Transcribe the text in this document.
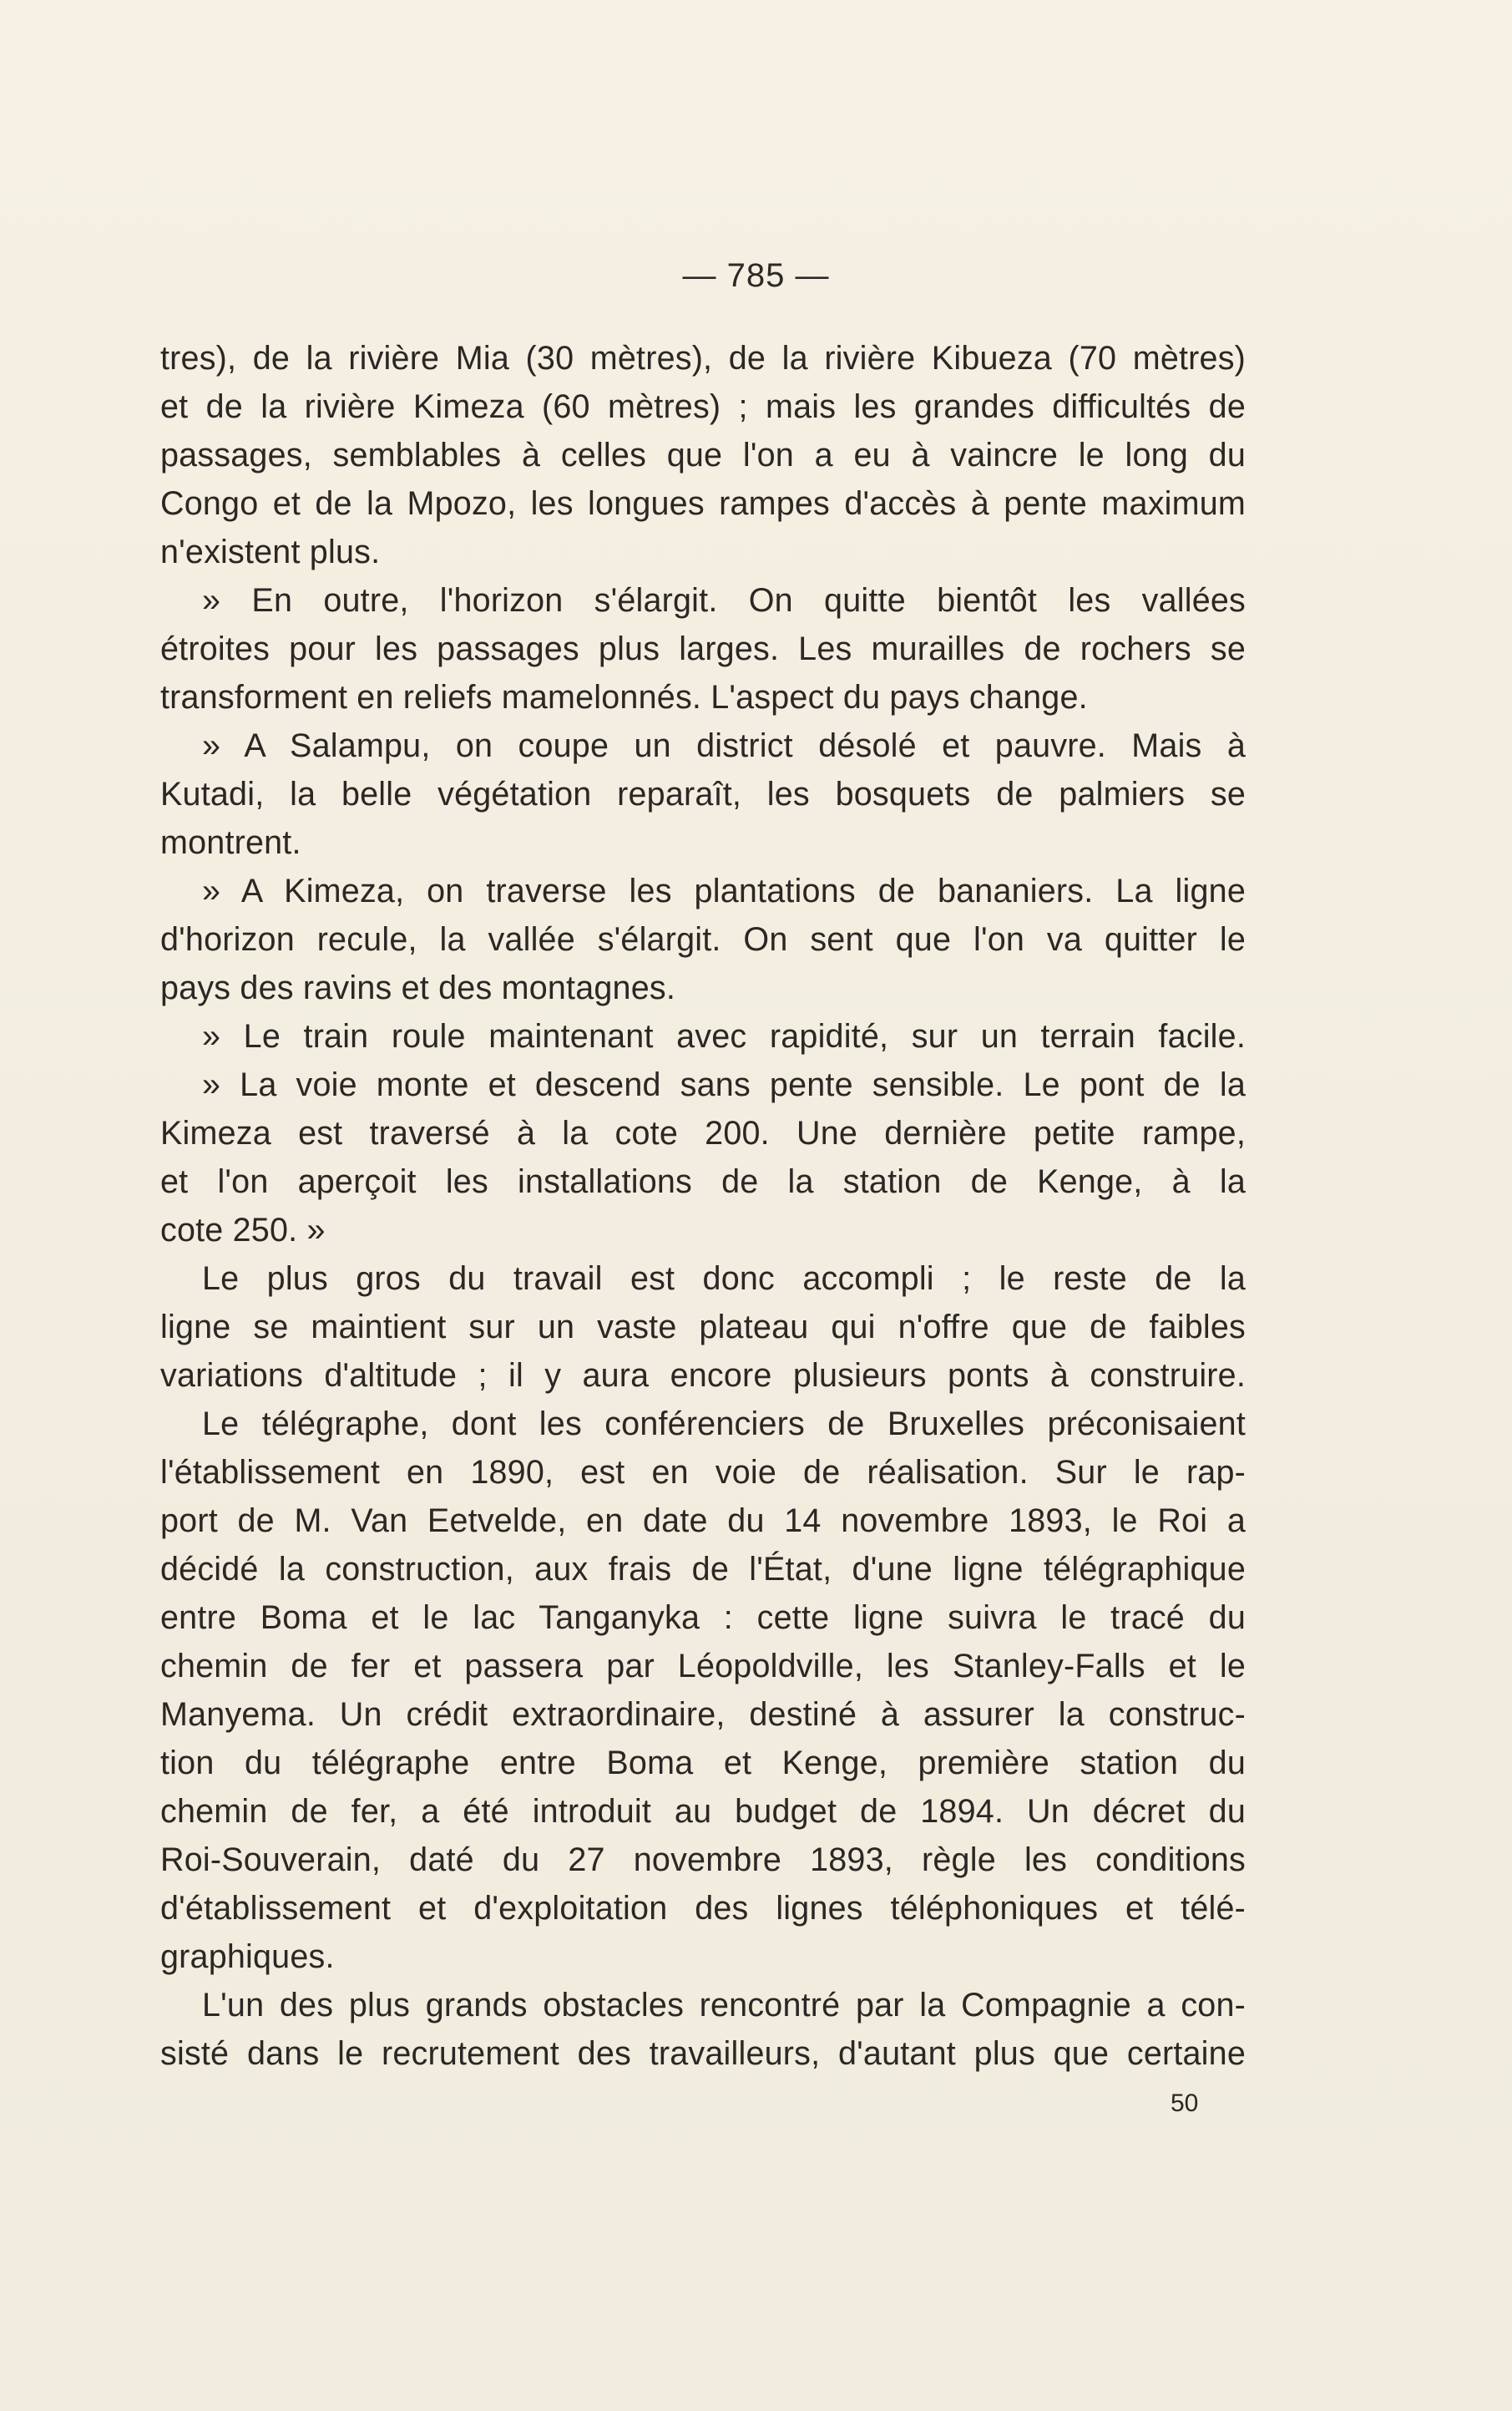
— 785 —
tres), de la rivière Mia (30 mètres), de la rivière Kibueza (70 mètres)
et de la rivière Kimeza (60 mètres) ; mais les grandes difficultés de
passages, semblables à celles que l'on a eu à vaincre le long du
Congo et de la Mpozo, les longues rampes d'accès à pente maximum
n'existent plus.
» En outre, l'horizon s'élargit. On quitte bientôt les vallées
étroites pour les passages plus larges. Les murailles de rochers se
transforment en reliefs mamelonnés. L'aspect du pays change.
» A Salampu, on coupe un district désolé et pauvre. Mais à
Kutadi, la belle végétation reparaît, les bosquets de palmiers se
montrent.
» A Kimeza, on traverse les plantations de bananiers. La ligne
d'horizon recule, la vallée s'élargit. On sent que l'on va quitter le
pays des ravins et des montagnes.
» Le train roule maintenant avec rapidité, sur un terrain facile.
» La voie monte et descend sans pente sensible. Le pont de la
Kimeza est traversé à la cote 200. Une dernière petite rampe,
et l'on aperçoit les installations de la station de Kenge, à la
cote 250. »
Le plus gros du travail est donc accompli ; le reste de la
ligne se maintient sur un vaste plateau qui n'offre que de faibles
variations d'altitude ; il y aura encore plusieurs ponts à construire.
Le télégraphe, dont les conférenciers de Bruxelles préconisaient
l'établissement en 1890, est en voie de réalisation. Sur le rap-
port de M. Van Eetvelde, en date du 14 novembre 1893, le Roi a
décidé la construction, aux frais de l'État, d'une ligne télégraphique
entre Boma et le lac Tanganyka : cette ligne suivra le tracé du
chemin de fer et passera par Léopoldville, les Stanley-Falls et le
Manyema. Un crédit extraordinaire, destiné à assurer la construc-
tion du télégraphe entre Boma et Kenge, première station du
chemin de fer, a été introduit au budget de 1894. Un décret du
Roi-Souverain, daté du 27 novembre 1893, règle les conditions
d'établissement et d'exploitation des lignes téléphoniques et télé-
graphiques.
L'un des plus grands obstacles rencontré par la Compagnie a con-
sisté dans le recrutement des travailleurs, d'autant plus que certaine
50
